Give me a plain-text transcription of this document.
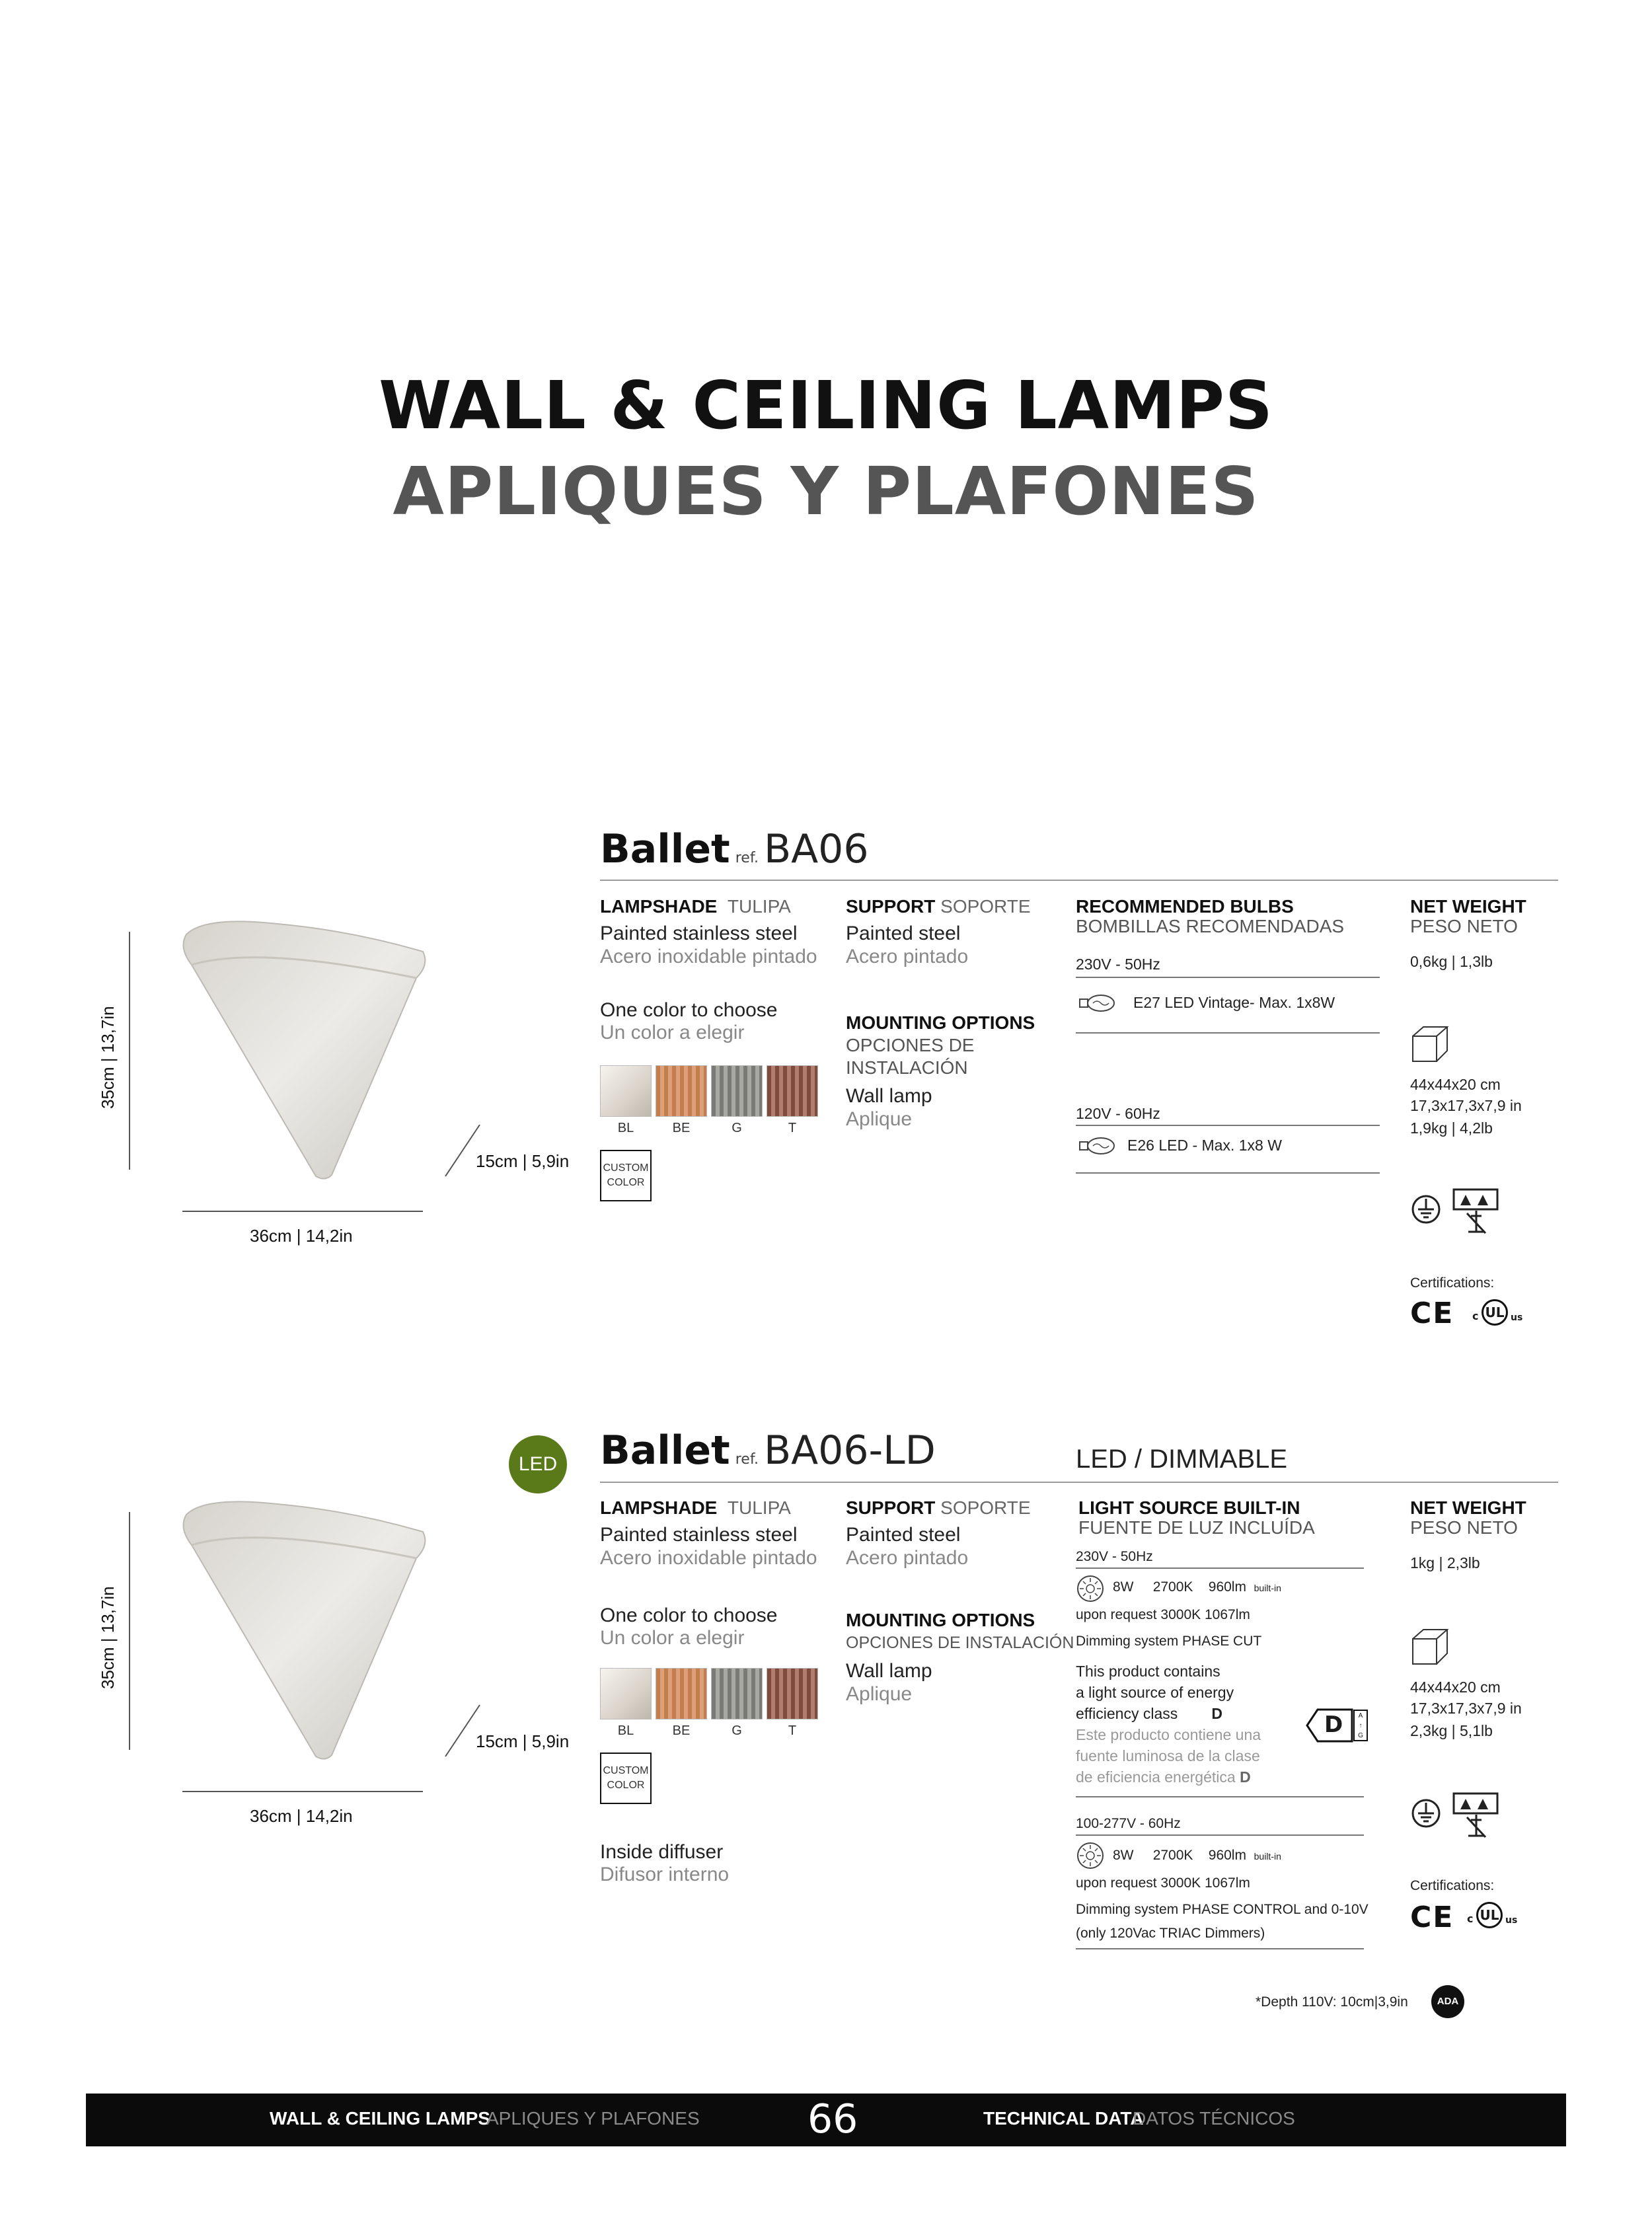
WALL & CEILING LAMPS
APLIQUES Y PLAFONES
35cm | 13,7in
36cm | 14,2in
15cm | 5,9in
Ballet ref. BA06
LAMPSHADE TULIPA
Painted stainless steel
Acero inoxidable pintado
One color to choose
Un color a elegir
BL	BE	G	T
CUSTOM
COLOR
SUPPORT SOPORTE
Painted steel
Acero pintado
MOUNTING OPTIONS
OPCIONES DE
INSTALACIÓN
Wall lamp
Aplique
RECOMMENDED BULBS
BOMBILLAS RECOMENDADAS
230V - 50Hz
E27 LED Vintage- Max. 1x8W
120V - 60Hz
E26 LED - Max. 1x8 W
NET WEIGHT
PESO NETO
0,6kg | 1,3lb
44x44x20 cm
17,3x17,3x7,9 in
1,9kg | 4,2lb
Certifications:
CE c UL us
LED
35cm | 13,7in
36cm | 14,2in
15cm | 5,9in
Ballet ref. BA06-LD	LED / DIMMABLE
LAMPSHADE TULIPA
Painted stainless steel
Acero inoxidable pintado
One color to choose
Un color a elegir
BL	BE	G	T
CUSTOM
COLOR
Inside diffuser
Difusor interno
SUPPORT SOPORTE
Painted steel
Acero pintado
MOUNTING OPTIONS
OPCIONES DE INSTALACIÓN
Wall lamp
Aplique
LIGHT SOURCE BUILT-IN
FUENTE DE LUZ INCLUÍDA
230V - 50Hz
8W 2700K 960lm built-in
upon request 3000K 1067lm
Dimming system PHASE CUT
This product contains
a light source of energy
efficiency class D
Este producto contiene una
fuente luminosa de la clase
de eficiencia energética D
D	A
↑
G
100-277V - 60Hz
8W 2700K 960lm built-in
upon request 3000K 1067lm
Dimming system PHASE CONTROL and 0-10V
(only 120Vac TRIAC Dimmers)
NET WEIGHT
PESO NETO
1kg | 2,3lb
44x44x20 cm
17,3x17,3x7,9 in
2,3kg | 5,1lb
Certifications:
CE c UL us
*Depth 110V: 10cm|3,9in	ADA
WALL & CEILING LAMPS
APLIQUES Y PLAFONES	66	TECHNICAL DATA
DATOS TÉCNICOS
